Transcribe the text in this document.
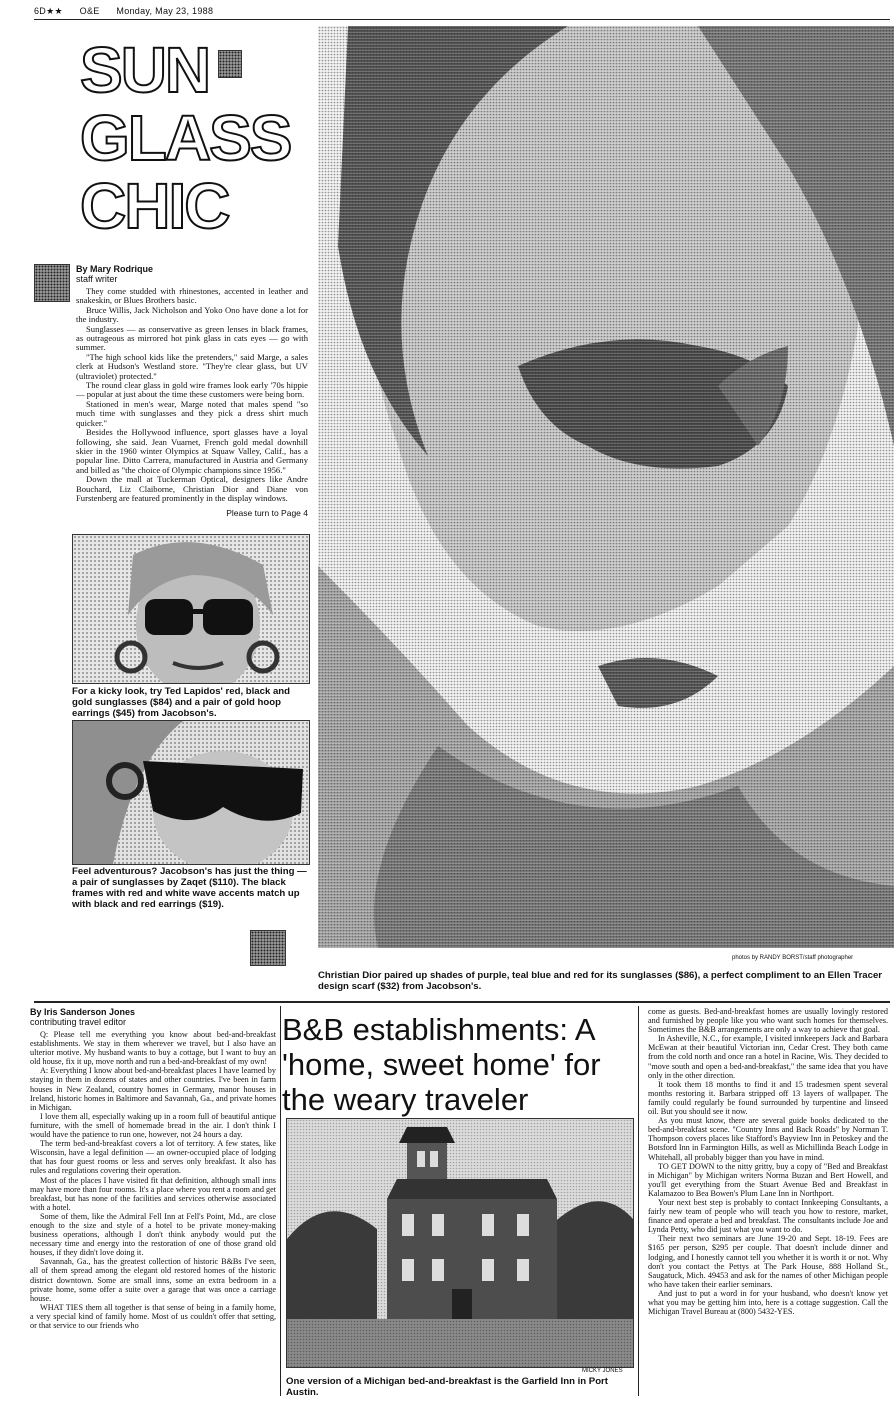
6D★★ O&E Monday, May 23, 1988
SUN
GLASS
CHIC
By Mary Rodrique
staff writer

They come studded with rhinestones, accented in leather and snakeskin, or Blues Brothers basic.

Bruce Willis, Jack Nicholson and Yoko Ono have done a lot for the industry.

Sunglasses — as conservative as green lenses in black frames, as outrageous as mirrored hot pink glass in cats eyes — go with summer.

"The high school kids like the pretenders," said Marge, a sales clerk at Hudson's Westland store. "They're clear glass, but UV (ultraviolet) protected."

The round clear glass in gold wire frames look early '70s hippie — popular at just about the time these customers were being born.

Stationed in men's wear, Marge noted that males spend "so much time with sunglasses and they pick a dress shirt much quicker."

Besides the Hollywood influence, sport glasses have a loyal following, she said. Jean Vuarnet, French gold medal downhill skier in the 1960 winter Olympics at Squaw Valley, Calif., has a popular line. Ditto Carrera, manufactured in Austria and Germany and billed as "the choice of Olympic champions since 1956."

Down the mall at Tuckerman Optical, designers like Andre Bouchard, Liz Claiborne, Christian Dior and Diane von Furstenberg are featured prominently in the display windows.

Please turn to Page 4
For a kicky look, try Ted Lapidos' red, black and gold sunglasses ($84) and a pair of gold hoop earrings ($45) from Jacobson's.
Feel adventurous? Jacobson's has just the thing — a pair of sunglasses by Zaqet ($110). The black frames with red and white wave accents match up with black and red earrings ($19).
photos by RANDY BORST/staff photographer
Christian Dior paired up shades of purple, teal blue and red for its sunglasses ($86), a perfect compliment to an Ellen Tracer design scarf ($32) from Jacobson's.
By Iris Sanderson Jones
contributing travel editor

Q: Please tell me everything you know about bed-and-breakfast establishments. We stay in them wherever we travel, but I also have an ulterior motive. My husband wants to buy a cottage, but I want to buy an old house, fix it up, move north and run a bed-and-breakfast of my own!

A: Everything I know about bed-and-breakfast places I have learned by staying in them in dozens of states and other countries. I've been in farm houses in New Zealand, country homes in Germany, manor houses in Ireland, historic homes in Baltimore and Savannah, Ga., and private homes in Michigan.

I love them all, especially waking up in a room full of beautiful antique furniture, with the smell of homemade bread in the air. I don't think I would have the patience to run one, however, not 24 hours a day.

The term bed-and-breakfast covers a lot of territory. A few states, like Wisconsin, have a legal definition — an owner-occupied place of lodging that has four guest rooms or less and serves only breakfast. It also has rules and regulations covering their operation.

Most of the places I have visited fit that definition, although small inns may have more than four rooms. It's a place where you rent a room and get breakfast, but has none of the facilities and services otherwise associated with a hotel.

Some of them, like the Admiral Fell Inn at Fell's Point, Md., are close enough to the size and style of a hotel to be private money-making business operations, although I don't think anybody would put the necessary time and energy into the restoration of one of those grand old houses, if they didn't love doing it.

Savannah, Ga., has the greatest collection of historic B&Bs I've seen, all of them spread among the elegant old restored homes of the historic district downtown. Some are small inns, some an extra bedroom in a private home, some offer a suite over a garage that was once a carriage house.

WHAT TIES them all together is that sense of being in a family home, a very special kind of family home. Most of us couldn't offer that setting, or that service to our friends who

B&B establishments: A 'home, sweet home' for the weary traveler
MICKY JONES
One version of a Michigan bed-and-breakfast is the Garfield Inn in Port Austin.

come as guests. Bed-and-breakfast homes are usually lovingly restored and furnished by people like you who want such homes for themselves. Sometimes the B&B arrangements are only a way to achieve that goal.

In Asheville, N.C., for example, I visited innkeepers Jack and Barbara McEwan at their beautiful Victorian inn, Cedar Crest. They both came from the cold north and once ran a hotel in Racine, Wis. They decided to "move south and open a bed-and-breakfast," the same idea that you have only in the other direction.

It took them 18 months to find it and 15 tradesmen spent several months restoring it. Barbara stripped off 13 layers of wallpaper. The family could regularly be found surrounded by turpentine and linseed oil. But you should see it now.

As you must know, there are several guide books dedicated to the bed-and-breakfast scene. "Country Inns and Back Roads" by Norman T. Thompson covers places like Stafford's Bayview Inn in Petoskey and the Botsford Inn in Farmington Hills, as well as Michillinda Beach Lodge in Whitehall, all probably bigger than you have in mind.

TO GET DOWN to the nitty gritty, buy a copy of "Bed and Breakfast in Michigan" by Michigan writers Norma Buzan and Bert Howell, and you'll get everything from the Stuart Avenue Bed and Breakfast in Kalamazoo to Bea Bowen's Plum Lane Inn in Northport.

Your next best step is probably to contact Innkeeping Consultants, a fairly new team of people who will teach you how to restore, market, finance and operate a bed and breakfast. The consultants include Joe and Lynda Petty, who did just what you want to do.

Their next two seminars are June 19-20 and Sept. 18-19. Fees are $165 per person, $295 per couple. That doesn't include dinner and lodging, and I honestly cannot tell you whether it is worth it or not. Why don't you contact the Pettys at The Park House, 888 Holland St., Saugatuck, Mich. 49453 and ask for the names of other Michigan people who have taken their earlier seminars.

And just to put a word in for your husband, who doesn't know yet what you may be getting him into, here is a cottage suggestion. Call the Michigan Travel Bureau at (800) 5432-YES.
